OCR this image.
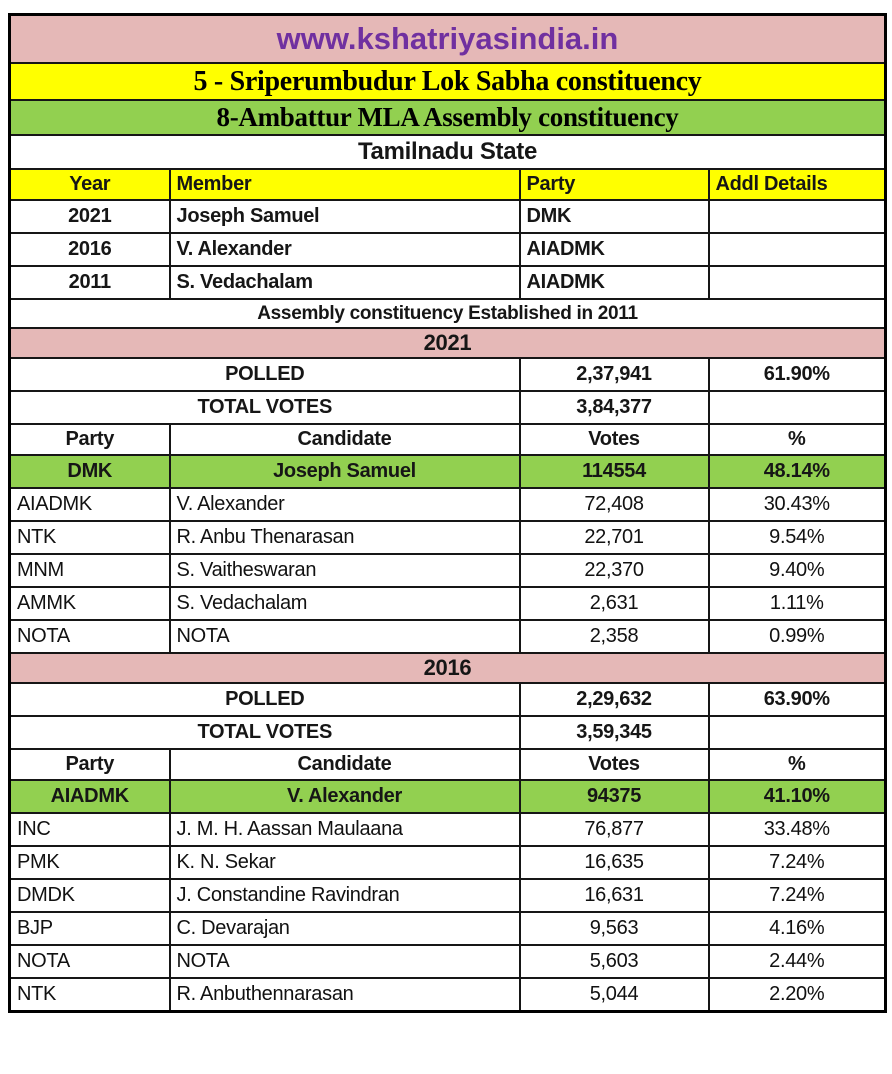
www.kshatriyasindia.in			
5 - Sriperumbudur Lok Sabha constituency			
8-Ambattur MLA Assembly constituency			
Tamilnadu State			
Year	Member	Party	Addl Details
2021	Joseph Samuel	DMK	
2016	V. Alexander	AIADMK	
2011	S. Vedachalam	AIADMK	
Assembly constituency Established in 2011			
2021			
POLLED		2,37,941	61.90%
TOTAL VOTES		3,84,377	
Party	Candidate	Votes	%
DMK	Joseph Samuel	114554	48.14%
AIADMK	V. Alexander	72,408	30.43%
NTK	R. Anbu Thenarasan	22,701	9.54%
MNM	S. Vaitheswaran	22,370	9.40%
AMMK	S. Vedachalam	2,631	1.11%
NOTA	NOTA	2,358	0.99%
2016			
POLLED		2,29,632	63.90%
TOTAL VOTES		3,59,345	
Party	Candidate	Votes	%
AIADMK	V. Alexander	94375	41.10%
INC	J. M. H. Aassan Maulaana	76,877	33.48%
PMK	K. N. Sekar	16,635	7.24%
DMDK	J. Constandine Ravindran	16,631	7.24%
BJP	C. Devarajan	9,563	4.16%
NOTA	NOTA	5,603	2.44%
NTK	R. Anbuthennarasan	5,044	2.20%
